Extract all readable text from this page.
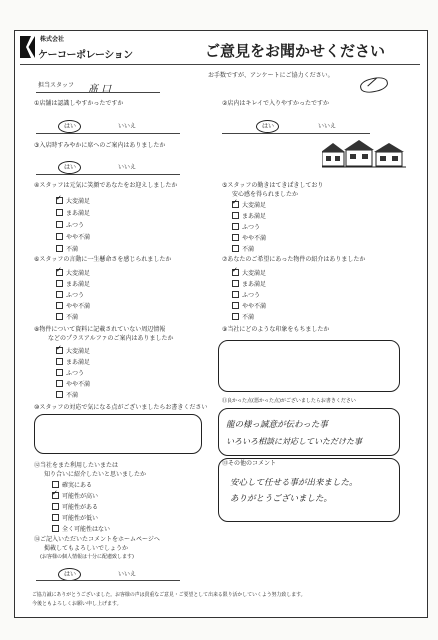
株式会社
ケーコーポレーション	ご意見をお聞かせください
お手数ですが、アンケートにご協力ください。
担当スタッフ 髙 口
①店舗は認識しやすかったですか
はい	いいえ
②店内はキレイで入りやすかったですか
はい	いいえ
③入店時すみやかに席へのご案内はありましたか
はい	いいえ
④スタッフは元気に笑顔であなたをお迎えしましたか
✓大変満足
まあ満足
ふつう
やや不満
不満
⑤スタッフの勤きはてきぱきしており
安心感を得られましたか
✓大変満足
まあ満足
ふつう
やや不満
不満
⑥スタッフの言動に一生懸命さを感じられましたか
✓大変満足
まあ満足
ふつう
やや不満
不満
⑦あなたのご希望にあった物件の紹介はありましたか
✓大変満足
まあ満足
ふつう
やや不満
不満
⑧物件について資料に記載されていない周辺情報
などのプラスアルファのご案内はありましたか
✓大変満足
まあ満足
ふつう
やや不満
不満
⑨当社にどのような印象をもちましたか
⑩スタッフの対応で気になる点がございましたらお書きください
⑪良かった点(悪かった点)がございましたらお書きください
龍の様っ誠意が伝わった事
いろいろ相談に対応していただけた事
⑫当社をまた利用したいまたは
知り合いに紹介したいと思いましたか
確実にある
✓可能性が高い
可能性がある
可能性が低い
全く可能性はない
⑬その他のコメント
安心して任せる事が出来ました。
ありがとうございました。
⑭ご記入いただいたコメントをホームページへ
掲載してもよろしいでしょうか
(お客様の個人情報は十分に配慮致します)
はい	いいえ
ご協力誠にありがとうございました。お客様の声は貴重なご意見・ご要望として出来る限り活かしていくよう努力致します。
今後ともよろしくお願い申し上げます。
